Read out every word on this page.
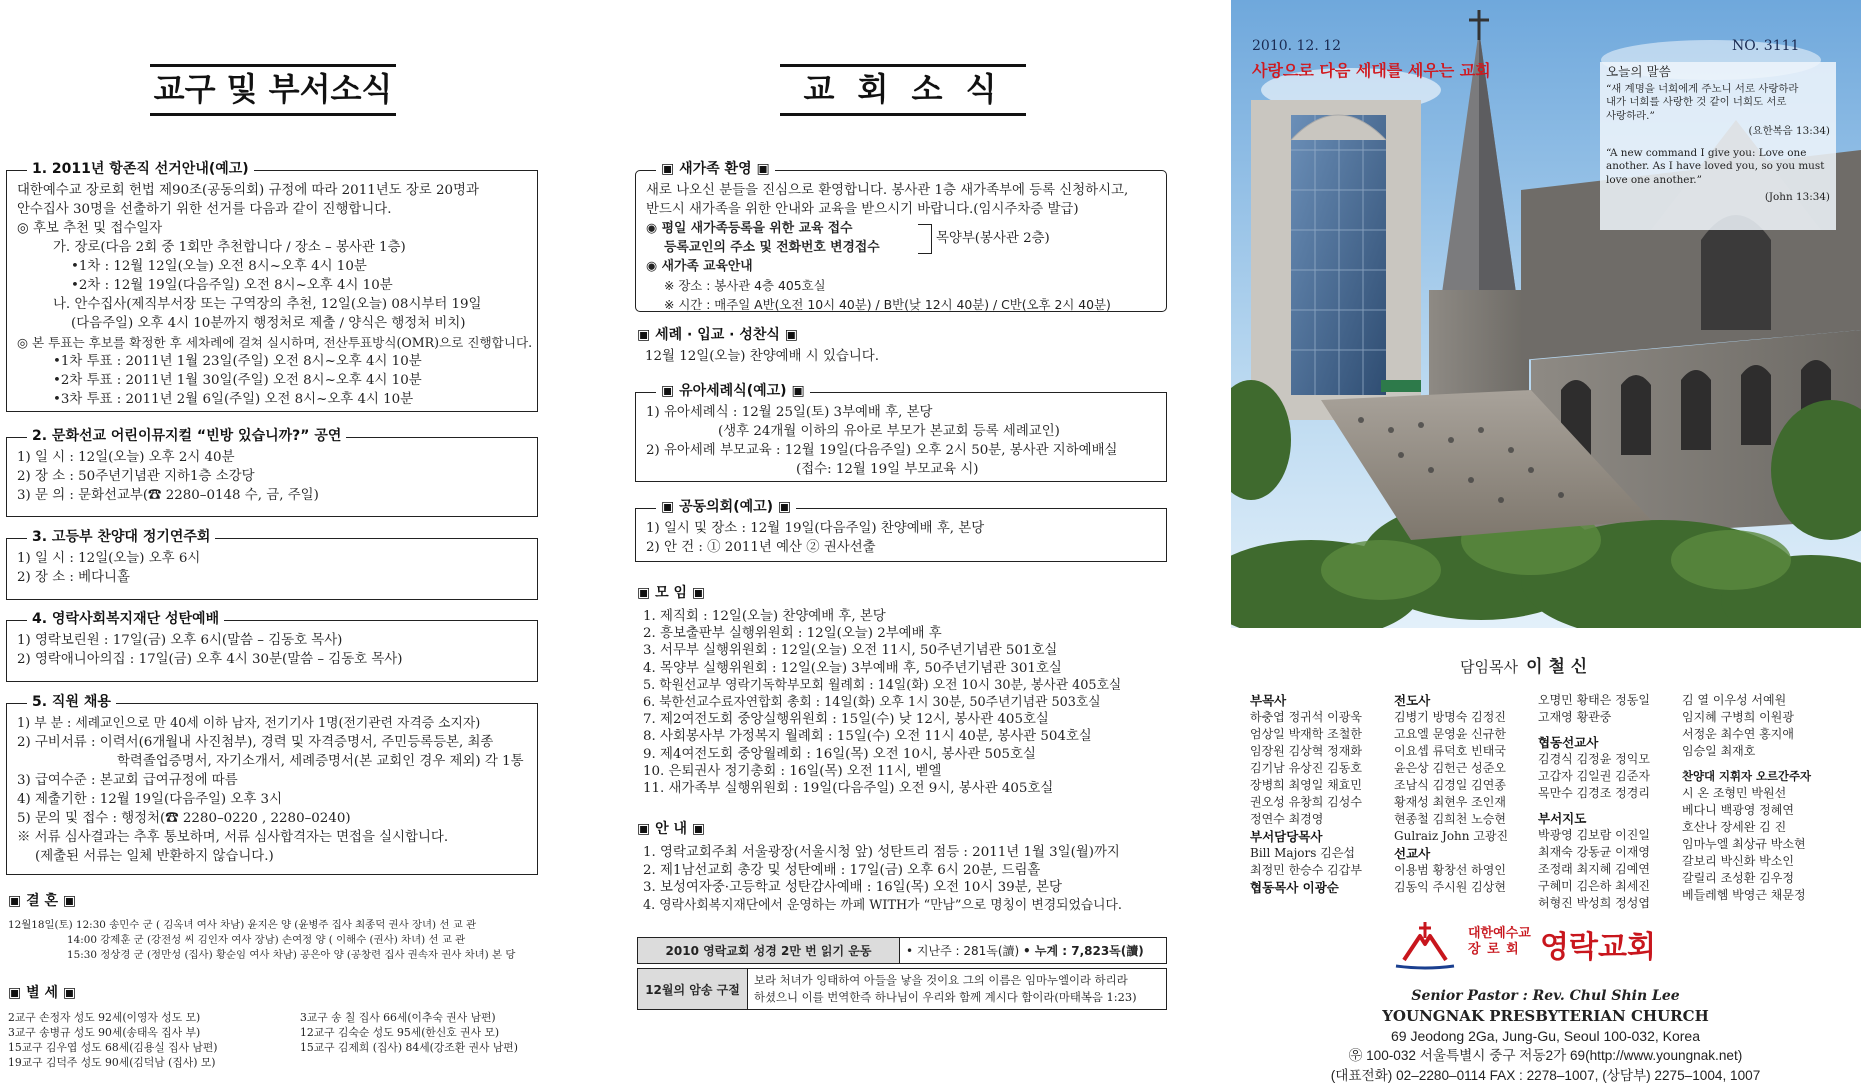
교구 및 부서소식
1. 2011년 항존직 선거안내(예고)
대한예수교 장로회 헌법 제90조(공동의회) 규정에 따라 2011년도 장로 20명과
안수집사 30명을 선출하기 위한 선거를 다음과 같이 진행합니다.
◎ 후보 추천 및 접수일자
가. 장로(다음 2회 중 1회만 추천합니다 / 장소 – 봉사관 1층)
•1차 : 12월 12일(오늘) 오전 8시~오후 4시 10분
•2차 : 12월 19일(다음주일) 오전 8시~오후 4시 10분
나. 안수집사(제직부서장 또는 구역장의 추천, 12일(오늘) 08시부터 19일
(다음주일) 오후 4시 10분까지 행정처로 제출 / 양식은 행정처 비치)
◎ 본 투표는 후보를 확정한 후 세차례에 걸쳐 실시하며, 전산투표방식(OMR)으로 진행합니다.
•1차 투표 : 2011년 1월 23일(주일) 오전 8시~오후 4시 10분
•2차 투표 : 2011년 1월 30일(주일) 오전 8시~오후 4시 10분
•3차 투표 : 2011년 2월 6일(주일) 오전 8시~오후 4시 10분
2. 문화선교 어린이뮤지컬 “빈방 있습니까?” 공연
1) 일 시 : 12일(오늘) 오후 2시 40분
2) 장 소 : 50주년기념관 지하1층 소강당
3) 문 의 : 문화선교부(☎ 2280–0148 수, 금, 주일)
3. 고등부 찬양대 정기연주회
1) 일 시 : 12일(오늘) 오후 6시
2) 장 소 : 베다니홀
4. 영락사회복지재단 성탄예배
1) 영락보린원 : 17일(금) 오후 6시(말씀 – 김동호 목사)
2) 영락애니아의집 : 17일(금) 오후 4시 30분(말씀 – 김동호 목사)
5. 직원 채용
1) 부 분 : 세례교인으로 만 40세 이하 남자, 전기기사 1명(전기관련 자격증 소지자)
2) 구비서류 : 이력서(6개월내 사진첨부), 경력 및 자격증명서, 주민등록등본, 최종
학력졸업증명서, 자기소개서, 세례증명서(본 교회인 경우 제외) 각 1통
3) 급여수준 : 본교회 급여규정에 따름
4) 제출기한 : 12월 19일(다음주일) 오후 3시
5) 문의 및 접수 : 행정처(☎ 2280–0220 , 2280–0240)
※ 서류 심사결과는 추후 통보하며, 서류 심사합격자는 면접을 실시합니다.
(제출된 서류는 일체 반환하지 않습니다.)
▣ 결 혼 ▣
12월18일(토) 12:30 송민수 군 ( 김옥녀 여사 차남) 윤지은 양 (윤병주 집사 최종덕 권사 장녀) 선 교 관
14:00 강제훈 군 (강전성 씨 김인자 여사 장남) 손여정 양 ( 이해수 (권사) 차녀) 선 교 관
15:30 정상경 군 (정만성 (집사) 황순임 여사 차남) 공은아 양 (공창련 집사 권속자 권사 차녀) 본 당
▣ 별 세 ▣
2교구 손정자 성도 92세(이영자 성도 모)	3교구 송 칠 집사 66세(이추숙 권사 남편)
3교구 송병규 성도 90세(송태옥 집사 부)	12교구 김숙순 성도 95세(한신호 권사 모)
15교구 김우엽 성도 68세(김용실 집사 남편)	15교구 김제희 (집사) 84세(강조환 권사 남편)
19교구 김덕주 성도 90세(김덕남 (집사) 모)
교 회 소 식
▣ 새가족 환영 ▣
새로 나오신 분들을 진심으로 환영합니다. 봉사관 1층 새가족부에 등록 신청하시고,
반드시 새가족을 위한 안내와 교육을 받으시기 바랍니다.(임시주차증 발급)
◉ 평일 새가족등록을 위한 교육 접수
등록교인의 주소 및 전화번호 변경접수
◉ 새가족 교육안내
※ 장소 : 봉사관 4층 405호실
※ 시간 : 매주일 A반(오전 10시 40분) / B반(낮 12시 40분) / C반(오후 2시 40분)
목양부(봉사관 2층)
▣ 세례 · 입교 · 성찬식 ▣
12월 12일(오늘) 찬양예배 시 있습니다.
▣ 유아세례식(예고) ▣
1) 유아세례식 : 12월 25일(토) 3부예배 후, 본당
(생후 24개월 이하의 유아로 부모가 본교회 등록 세례교인)
2) 유아세례 부모교육 : 12월 19일(다음주일) 오후 2시 50분, 봉사관 지하예배실
(접수: 12월 19일 부모교육 시)
▣ 공동의회(예고) ▣
1) 일시 및 장소 : 12월 19일(다음주일) 찬양예배 후, 본당
2) 안 건 : ① 2011년 예산 ② 권사선출
▣ 모 임 ▣
1. 제직회 : 12일(오늘) 찬양예배 후, 본당
2. 흥보출판부 실행위원회 : 12일(오늘) 2부예배 후
3. 서무부 실행위원회 : 12일(오늘) 오전 11시, 50주년기념관 501호실
4. 목양부 실행위원회 : 12일(오늘) 3부예배 후, 50주년기념관 301호실
5. 학원선교부 영락기독학부모회 월례회 : 14일(화) 오전 10시 30분, 봉사관 405호실
6. 북한선교수료자연합회 총회 : 14일(화) 오후 1시 30분, 50주년기념관 503호실
7. 제2여전도회 중앙실행위원회 : 15일(수) 낮 12시, 봉사관 405호실
8. 사회봉사부 가정복지 월례회 : 15일(수) 오전 11시 40분, 봉사관 504호실
9. 제4여전도회 중앙월례회 : 16일(목) 오전 10시, 봉사관 505호실
10. 은퇴권사 정기총회 : 16일(목) 오전 11시, 벧엘
11. 새가족부 실행위원회 : 19일(다음주일) 오전 9시, 봉사관 405호실
▣ 안 내 ▣
1. 영락교회주최 서울광장(서울시청 앞) 성탄트리 점등 : 2011년 1월 3일(월)까지
2. 제1남선교회 총강 및 성탄예배 : 17일(금) 오후 6시 20분, 드림홀
3. 보성여자중·고등학교 성탄감사예배 : 16일(목) 오전 10시 39분, 본당
4. 영락사회복지재단에서 운영하는 까페 WITH가 “만남”으로 명칭이 변경되었습니다.
2010 영락교회 성경 2만 번 읽기 운동	• 지난주 : 281독(讀) • 누계 : 7,823독(讀)
12월의 암송 구절	
보라 처녀가 잉태하여 아들을 낳을 것이요 그의 이름은 임마누엘이라 하리라
하셨으니 이를 번역한즉 하나님이 우리와 함께 계시다 함이라(마태복음 1:23)
2010. 12. 12
사랑으로 다음 세대를 세우는 교회
NO. 3111
오늘의 말씀
“새 계명을 너희에게 주노니 서로 사랑하라
내가 너희를 사랑한 것 같이 너희도 서로
사랑하라.”
(요한복음 13:34)
“A new command I give you: Love one
another. As I have loved you, so you must
love one another.”
(John 13:34)
담임목사 이 철 신
부목사
하충엽 정귀석 이광욱
엄상일 박재학 조철한
임장원 김상혁 정재화
김기남 유상진 김동호
장병희 최영일 채효민
권오성 유창희 김성수
정연수 최경영
부서담당목사
Bill Majors 김은섭
최정민 한승수 김갑부
협동목사 이광순
전도사
김병기 방명숙 김정진
고요엘 문영윤 신규한
이요셉 류덕호 빈태국
윤은상 김헌근 성준오
조남식 김경일 김연종
황재성 최현우 조인재
현종철 김희천 노승현
Gulraiz John 고광진
선교사
이용범 황창선 하영인
김동익 주시원 김상현
오명민 황태은 정동일
고재영 황관중
협동선교사
김경식 김정윤 정익모
고갑자 김일권 김준자
목만수 김경조 정경리
부서지도
박광영 김보람 이진일
최재숙 강동균 이재영
조정래 최지혜 김예연
구혜미 김은하 최세진
허형진 박성희 정성엽
김 열 이우성 서예원
임지혜 구병희 이원광
서정운 최수연 홍지애
임승일 최재호
찬양대 지휘자 오르간주자
시 온 조형민 박원선
베다니 백광영 정혜연
호산나 장세완 김 진
임마누엘 최상규 박소현
갈보리 박신화 박소인
갈릴리 조성환 김우정
베들레헴 박영근 채문정
대한예수교
장 로 회 영락교회
Senior Pastor : Rev. Chul Shin Lee
YOUNGNAK PRESBYTERIAN CHURCH
69 Jeodong 2Ga, Jung-Gu, Seoul 100-032, Korea
㉾ 100-032 서울특별시 중구 저동2가 69(http://www.youngnak.net)
(대표전화) 02–2280–0114 FAX : 2278–1007, (상담부) 2275–1004, 1007
